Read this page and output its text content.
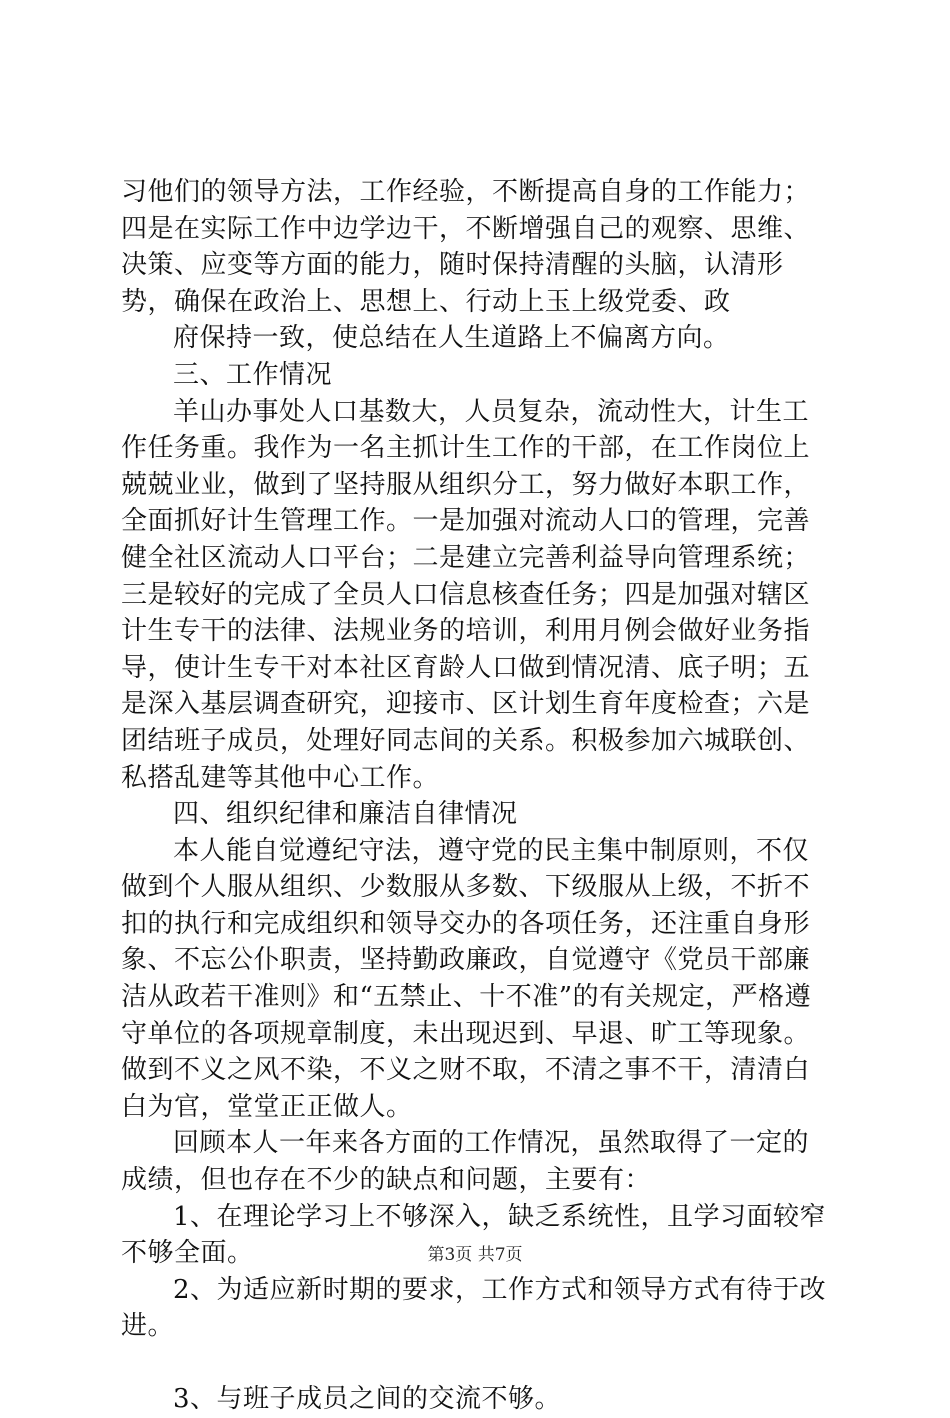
习他们的领导方法，工作经验，不断提高自身的工作能力；四是在实际工作中边学边干，不断增强自己的观察、思维、决策、应变等方面的能力，随时保持清醒的头脑，认清形势，确保在政治上、思想上、行动上玉上级党委、政

府保持一致，使总结在人生道路上不偏离方向。

三、工作情况

羊山办事处人口基数大，人员复杂，流动性大，计生工作任务重。我作为一名主抓计生工作的干部，在工作岗位上兢兢业业，做到了坚持服从组织分工，努力做好本职工作，全面抓好计生管理工作。一是加强对流动人口的管理，完善健全社区流动人口平台；二是建立完善利益导向管理系统；三是较好的完成了全员人口信息核查任务；四是加强对辖区计生专干的法律、法规业务的培训，利用月例会做好业务指导，使计生专干对本社区育龄人口做到情况清、底子明；五是深入基层调查研究，迎接市、区计划生育年度检查；六是团结班子成员，处理好同志间的关系。积极参加六城联创、私搭乱建等其他中心工作。

四、组织纪律和廉洁自律情况

本人能自觉遵纪守法，遵守党的民主集中制原则，不仅做到个人服从组织、少数服从多数、下级服从上级，不折不扣的执行和完成组织和领导交办的各项任务，还注重自身形象、不忘公仆职责，坚持勤政廉政，自觉遵守《党员干部廉洁从政若干准则》和“五禁止、十不准”的有关规定，严格遵守单位的各项规章制度，未出现迟到、早退、旷工等现象。做到不义之风不染，不义之财不取，不清之事不干，清清白白为官，堂堂正正做人。

回顾本人一年来各方面的工作情况，虽然取得了一定的成绩，但也存在不少的缺点和问题，主要有：

1、在理论学习上不够深入，缺乏系统性，且学习面较窄不够全面。

2、为适应新时期的要求，工作方式和领导方式有待于改进。

3、与班子成员之间的交流不够。

第3页 共7页
